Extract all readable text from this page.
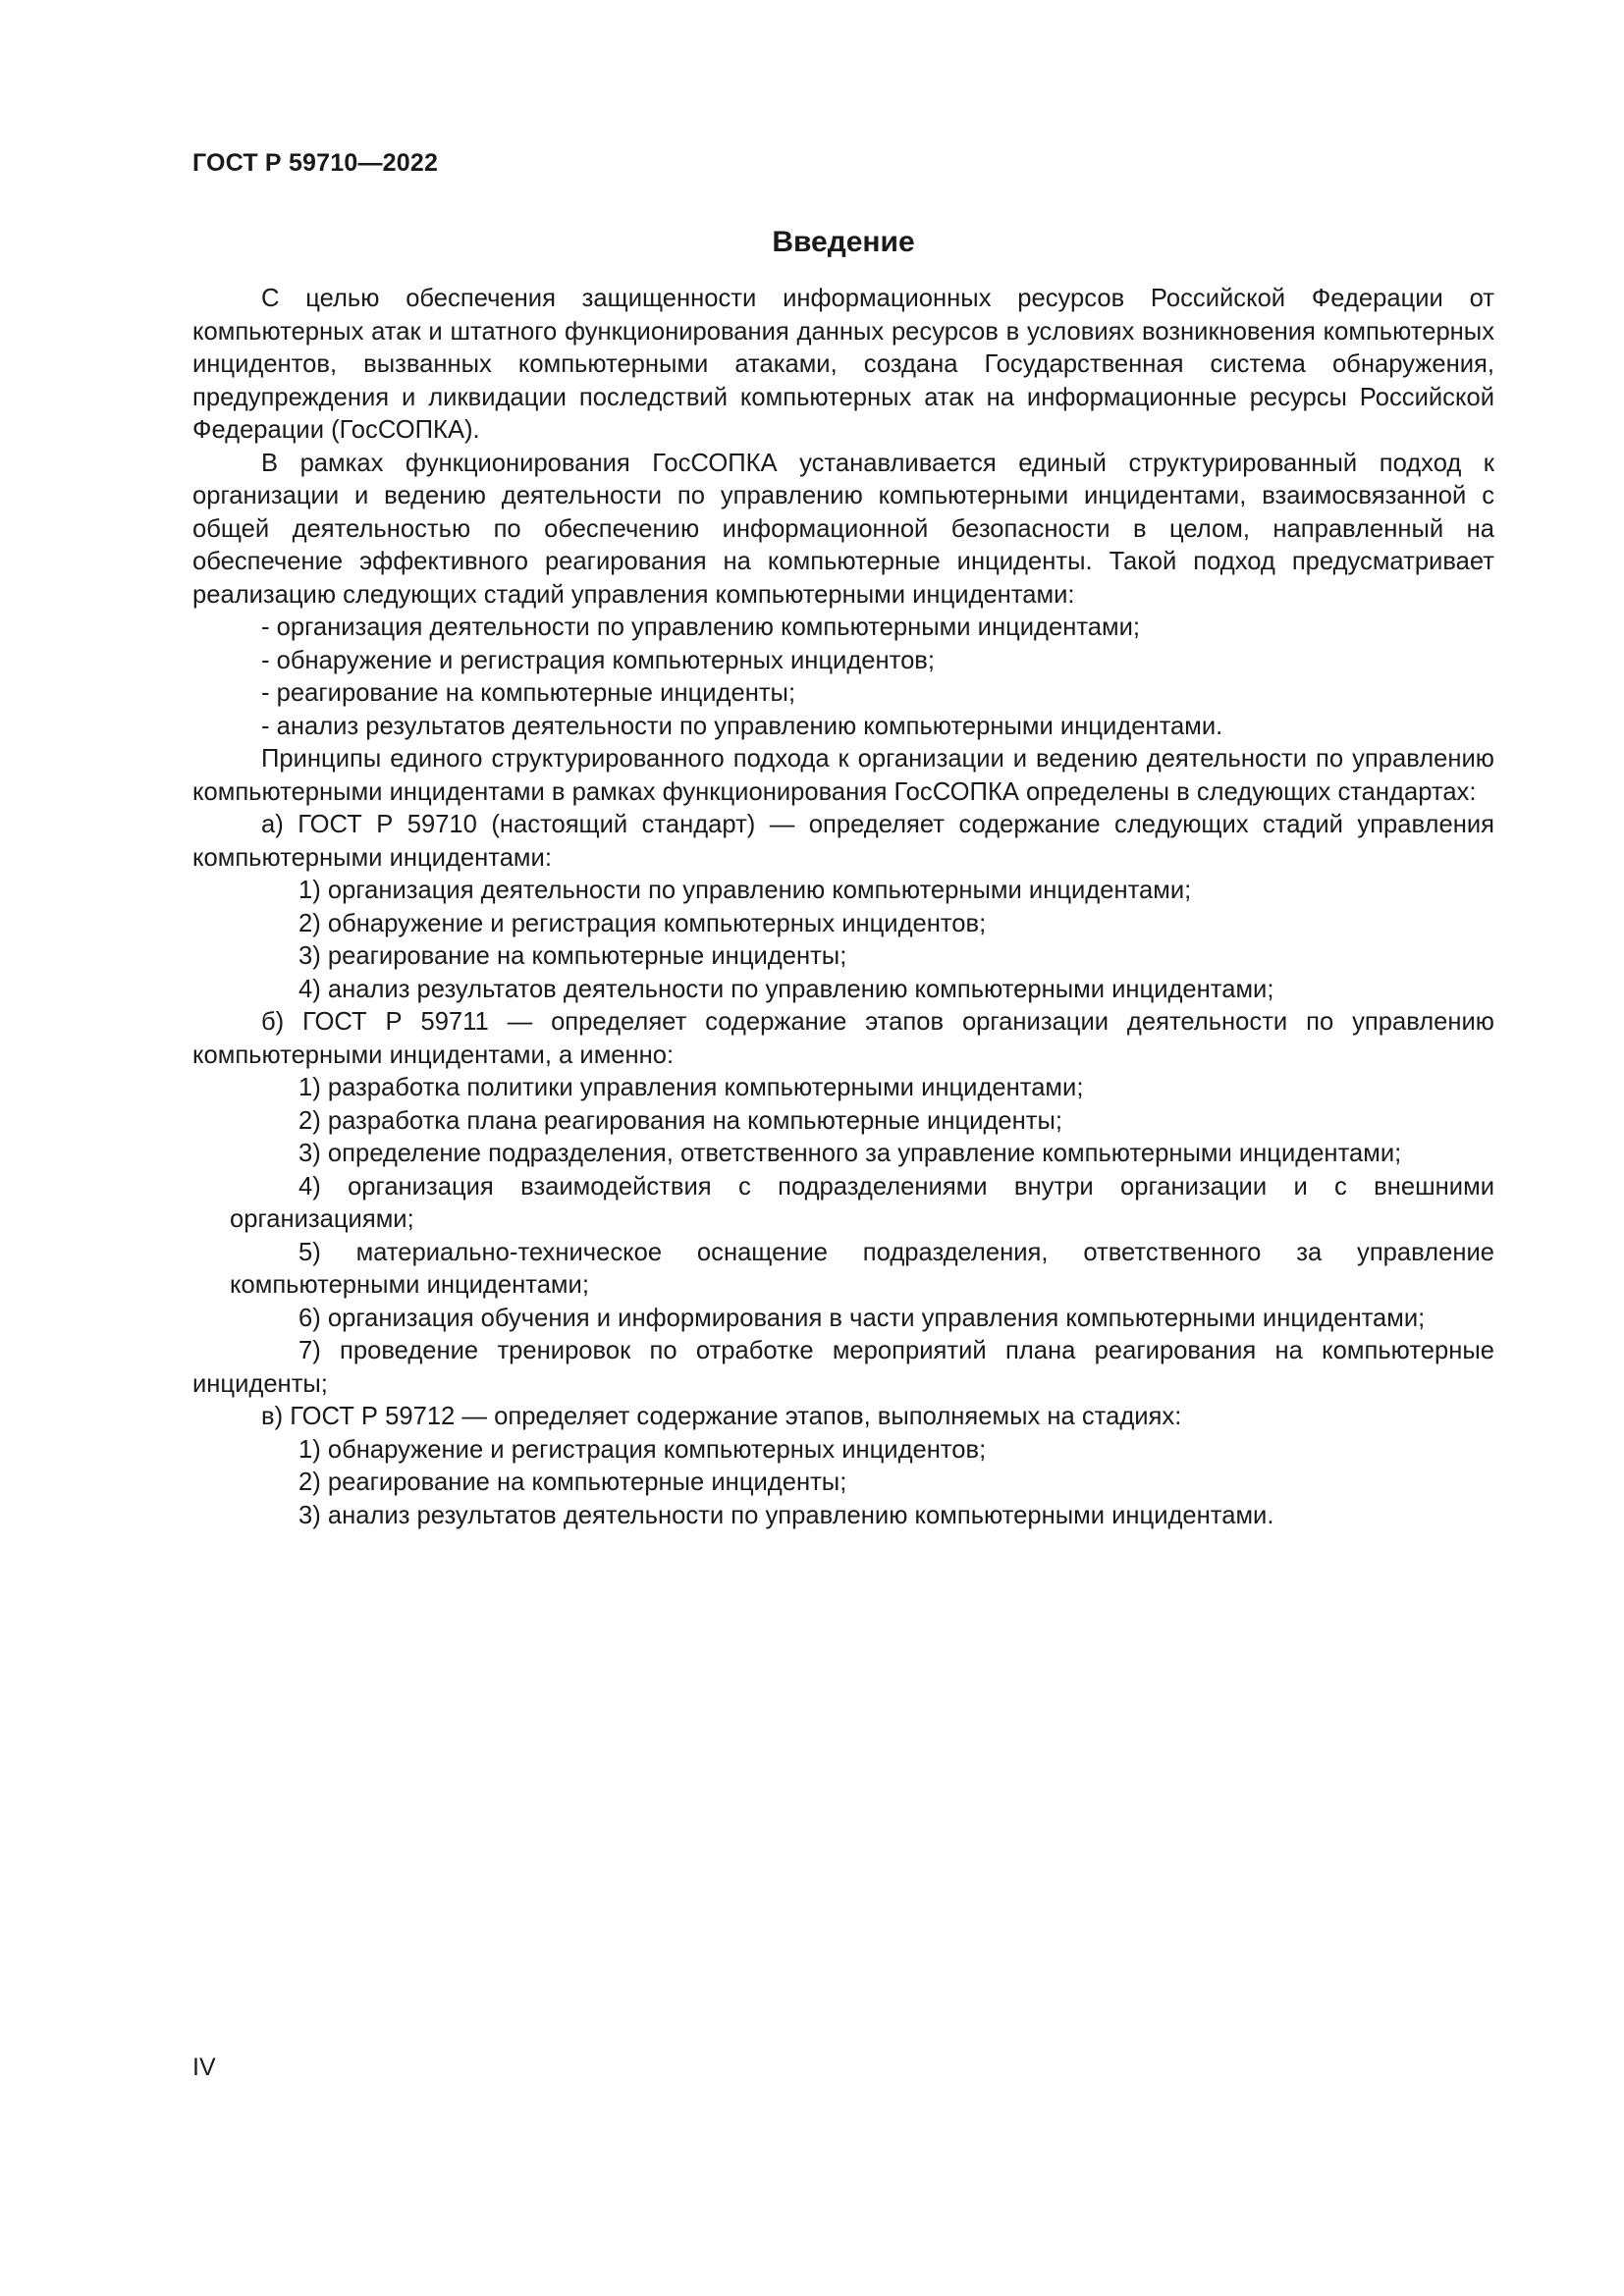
ГОСТ Р 59710—2022
Введение

С целью обеспечения защищенности информационных ресурсов Российской Федерации от компьютерных атак и штатного функционирования данных ресурсов в условиях возникновения компьютерных инцидентов, вызванных компьютерными атаками, создана Государственная система обнаружения, предупреждения и ликвидации последствий компьютерных атак на информационные ресурсы Российской Федерации (ГосСОПКА).

В рамках функционирования ГосСОПКА устанавливается единый структурированный подход к организации и ведению деятельности по управлению компьютерными инцидентами, взаимосвязанной с общей деятельностью по обеспечению информационной безопасности в целом, направленный на обеспечение эффективного реагирования на компьютерные инциденты. Такой подход предусматривает реализацию следующих стадий управления компьютерными инцидентами:

- организация деятельности по управлению компьютерными инцидентами;

- обнаружение и регистрация компьютерных инцидентов;

- реагирование на компьютерные инциденты;

- анализ результатов деятельности по управлению компьютерными инцидентами.

Принципы единого структурированного подхода к организации и ведению деятельности по управлению компьютерными инцидентами в рамках функционирования ГосСОПКА определены в следующих стандартах:

а) ГОСТ Р 59710 (настоящий стандарт) — определяет содержание следующих стадий управления компьютерными инцидентами:

1) организация деятельности по управлению компьютерными инцидентами;

2) обнаружение и регистрация компьютерных инцидентов;

3) реагирование на компьютерные инциденты;

4) анализ результатов деятельности по управлению компьютерными инцидентами;

б) ГОСТ Р 59711 — определяет содержание этапов организации деятельности по управлению компьютерными инцидентами, а именно:

1) разработка политики управления компьютерными инцидентами;

2) разработка плана реагирования на компьютерные инциденты;

3) определение подразделения, ответственного за управление компьютерными инцидентами;

4) организация взаимодействия с подразделениями внутри организации и с внешними организациями;

5) материально-техническое оснащение подразделения, ответственного за управление компьютерными инцидентами;

6) организация обучения и информирования в части управления компьютерными инцидентами;

7) проведение тренировок по отработке мероприятий плана реагирования на компьютерные инциденты;

в) ГОСТ Р 59712 — определяет содержание этапов, выполняемых на стадиях:

1) обнаружение и регистрация компьютерных инцидентов;

2) реагирование на компьютерные инциденты;

3) анализ результатов деятельности по управлению компьютерными инцидентами.

IV
